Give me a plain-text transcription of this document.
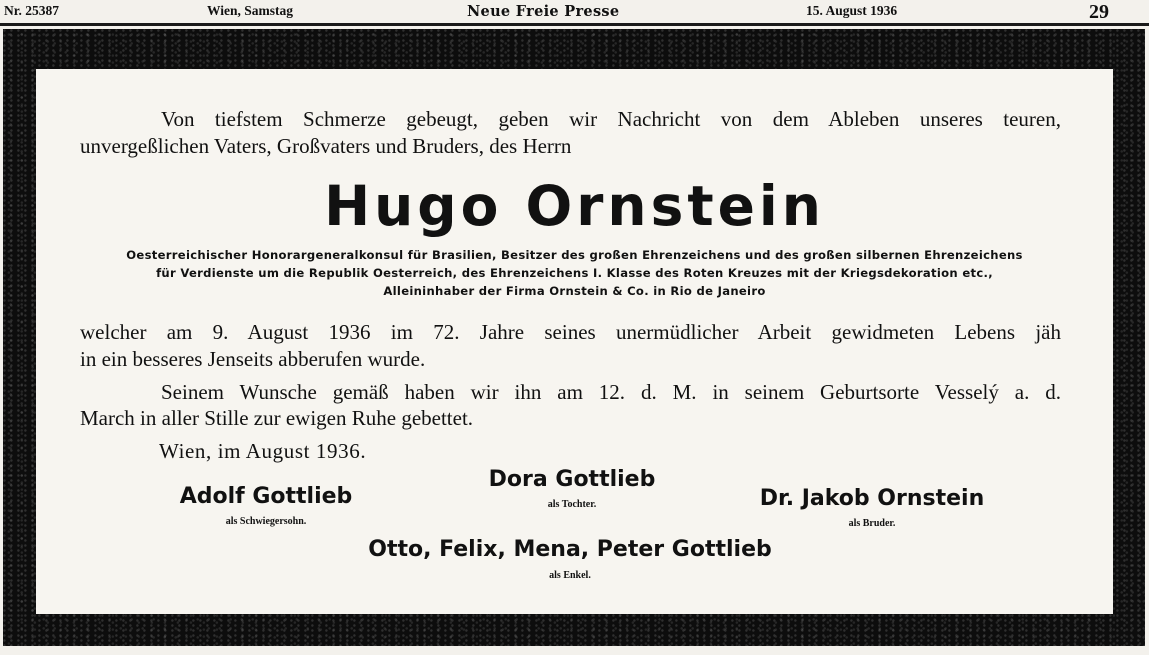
Nr. 25387	Wien, Samstag	Neue Freie Presse	15. August 1936	29
Von tiefstem Schmerze gebeugt, geben wir Nachricht von dem Ableben unseres teuren,
unvergeßlichen Vaters, Großvaters und Bruders, des Herrn
Hugo Ornstein
Oesterreichischer Honorargeneralkonsul für Brasilien, Besitzer des großen Ehrenzeichens und des großen silbernen Ehrenzeichens
für Verdienste um die Republik Oesterreich, des Ehrenzeichens I. Klasse des Roten Kreuzes mit der Kriegsdekoration etc.,
Alleininhaber der Firma Ornstein & Co. in Rio de Janeiro
welcher am 9. August 1936 im 72. Jahre seines unermüdlicher Arbeit gewidmeten Lebens jäh
in ein besseres Jenseits abberufen wurde.
Seinem Wunsche gemäß haben wir ihn am 12. d. M. in seinem Geburtsorte Vesselý a. d.
March in aller Stille zur ewigen Ruhe gebettet.
Wien, im August 1936.
Adolf Gottlieb
als Schwiegersohn.
Dora Gottlieb
als Tochter.	Dr. Jakob Ornstein
als Bruder.
Otto, Felix, Mena, Peter Gottlieb
als Enkel.
